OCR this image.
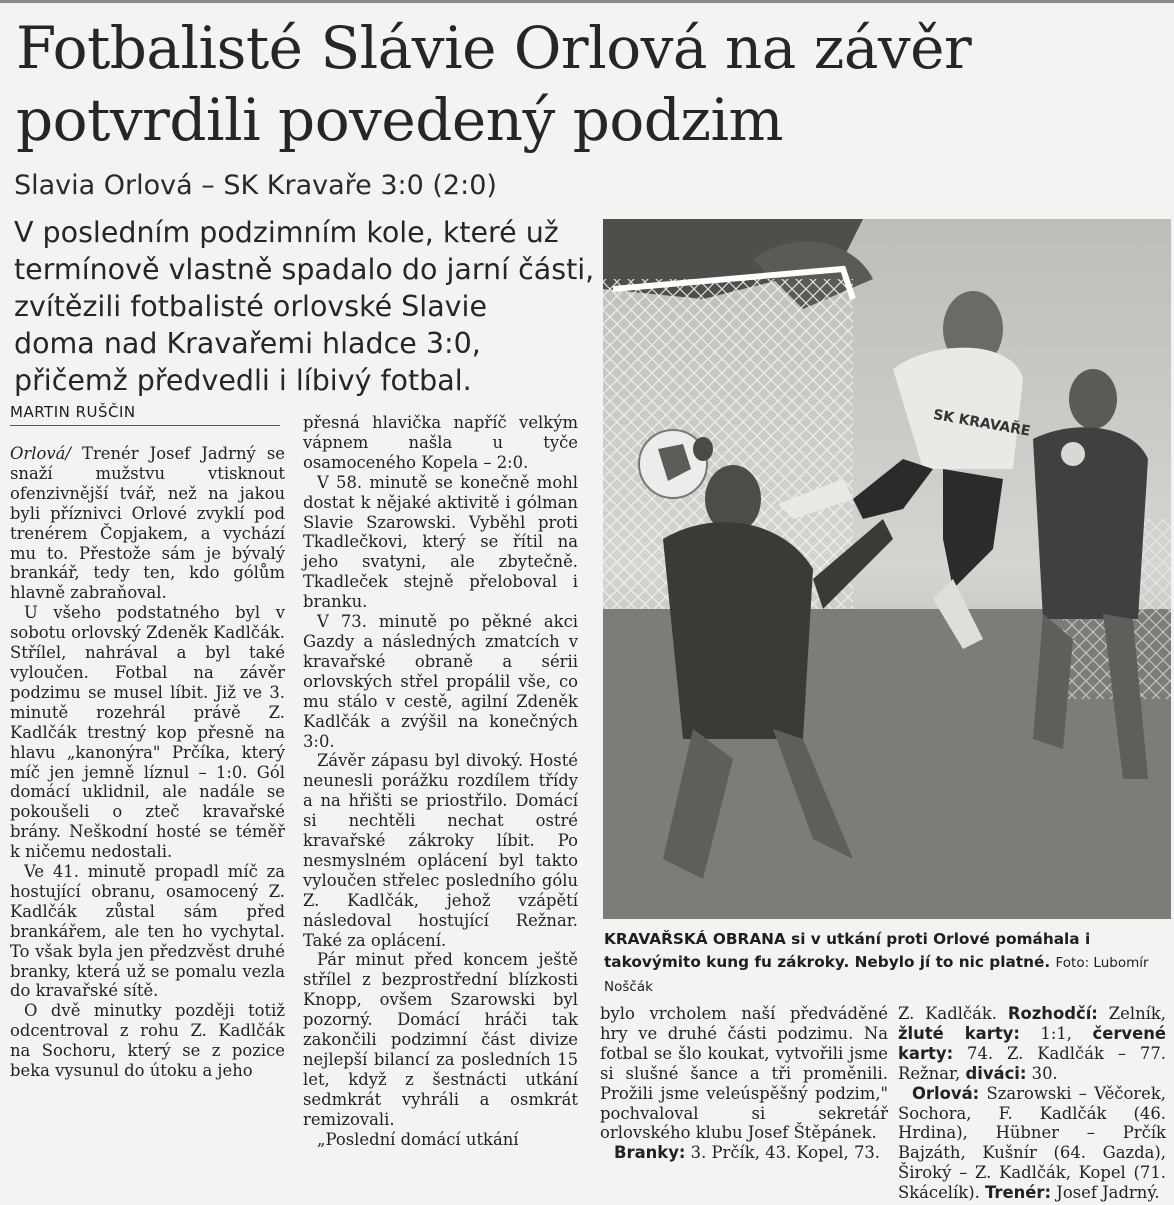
Fotbalisté Slávie Orlová na závěr
potvrdili povedený podzim
Slavia Orlová – SK Kravaře 3:0 (2:0)
V posledním podzimním kole, které už
termínově vlastně spadalo do jarní části,
zvítězili fotbalisté orlovské Slavie
doma nad Kravařemi hladce 3:0,
přičemž předvedli i líbivý fotbal.
MARTIN RUŠČIN

Orlová/ Trenér Josef Jadrný se snaží mužstvu vtisknout ofenzivnější tvář, než na jakou byli příznivci Orlové zvyklí pod trenérem Čopjakem, a vychází mu to. Přestože sám je bývalý brankář, tedy ten, kdo gólům hlavně zabraňoval.

U všeho podstatného byl v sobotu orlovský Zdeněk Kadlčák. Střílel, nahrával a byl také vyloučen. Fotbal na závěr podzimu se musel líbit. Již ve 3. minutě rozehrál právě Z. Kadlčák trestný kop přesně na hlavu „kanonýra" Prčíka, který míč jen jemně líznul – 1:0. Gól domácí uklidnil, ale nadále se pokoušeli o zteč kravařské brány. Neškodní hosté se téměř k ničemu nedostali.

Ve 41. minutě propadl míč za hostující obranu, osamocený Z. Kadlčák zůstal sám před brankářem, ale ten ho vychytal. To však byla jen předzvěst druhé branky, která už se pomalu vezla do kravařské sítě.

O dvě minutky později totiž odcentroval z rohu Z. Kadlčák na Sochoru, který se z pozice beka vysunul do útoku a jeho

přesná hlavička napříč velkým vápnem našla u tyče osamoceného Kopela – 2:0.

V 58. minutě se konečně mohl dostat k nějaké aktivitě i gólman Slavie Szarowski. Vyběhl proti Tkadlečkovi, který se řítil na jeho svatyni, ale zbytečně. Tkadleček stejně přeloboval i branku.

V 73. minutě po pěkné akci Gazdy a následných zmatcích v kravařské obraně a sérii orlovských střel propálil vše, co mu stálo v cestě, agilní Zdeněk Kadlčák a zvýšil na konečných 3:0.

Závěr zápasu byl divoký. Hosté neunesli porážku rozdílem třídy a na hřišti se priostřilo. Domácí si nechtěli nechat ostré kravařské zákroky líbit. Po nesmyslném oplácení byl takto vyloučen střelec posledního gólu Z. Kadlčák, jehož vzápětí následoval hostující Režnar. Také za oplácení.

Pár minut před koncem ještě střílel z bezprostřední blízkosti Knopp, ovšem Szarowski byl pozorný. Domácí hráči tak zakončili podzimní část divize nejlepší bilancí za posledních 15 let, když z šestnácti utkání sedmkrát vyhráli a osmkrát remizovali.

„Poslední domácí utkání

SK KRAVAŘE
KRAVAŘSKÁ OBRANA si v utkání proti Orlové pomáhala i takovýmito kung fu zákroky. Nebylo jí to nic platné. Foto: Lubomír Noščák

bylo vrcholem naší předváděné hry ve druhé části podzimu. Na fotbal se šlo koukat, vytvořili jsme si slušné šance a tři proměnili. Prožili jsme veleúspěšný podzim," pochvaloval si sekretář orlovského klubu Josef Štěpánek.

Branky: 3. Prčík, 43. Kopel, 73.

Z. Kadlčák. Rozhodčí: Zelník, žluté karty: 1:1, červené karty: 74. Z. Kadlčák – 77. Režnar, diváci: 30.

Orlová: Szarowski – Věčorek, Sochora, F. Kadlčák (46. Hrdina), Hübner – Prčík Bajzáth, Kušnír (64. Gazda), Široký – Z. Kadlčák, Kopel (71. Skácelík). Trenér: Josef Jadrný.
